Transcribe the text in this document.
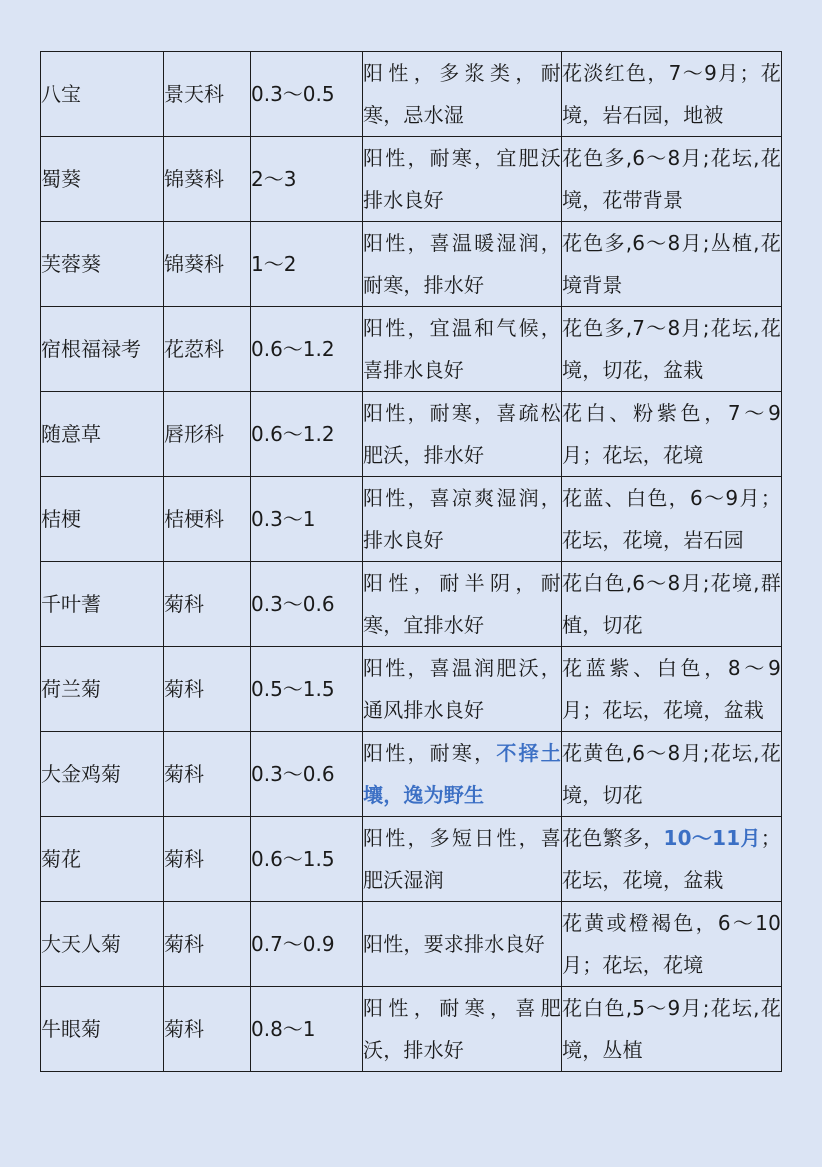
八宝	景天科	0.3～0.5	阳性，多浆类，耐寒，忌水湿	花淡红色，7～9月；花境，岩石园，地被
蜀葵	锦葵科	2～3	阳性，耐寒，宜肥沃排水良好	花色多,6～8月;花坛,花境，花带背景
芙蓉葵	锦葵科	1～2	阳性，喜温暖湿润，耐寒，排水好	花色多,6～8月;丛植,花境背景
宿根福禄考	花荵科	0.6～1.2	阳性，宜温和气候，喜排水良好	花色多,7～8月;花坛,花境，切花，盆栽
随意草	唇形科	0.6～1.2	阳性，耐寒，喜疏松肥沃，排水好	花白、粉紫色，7～9月；花坛，花境
桔梗	桔梗科	0.3～1	阳性，喜凉爽湿润，排水良好	花蓝、白色，6～9月；花坛，花境，岩石园
千叶蓍	菊科	0.3～0.6	阳性，耐半阴，耐寒，宜排水好	花白色,6～8月;花境,群植，切花
荷兰菊	菊科	0.5～1.5	阳性，喜温润肥沃，通风排水良好	花蓝紫、白色，8～9月；花坛，花境，盆栽
大金鸡菊	菊科	0.3～0.6	阳性，耐寒，不择土壤，逸为野生	花黄色,6～8月;花坛,花境，切花
菊花	菊科	0.6～1.5	阳性，多短日性，喜肥沃湿润	花色繁多，10～11月；花坛，花境，盆栽
大天人菊	菊科	0.7～0.9	阳性，要求排水良好	花黄或橙褐色，6～10月；花坛，花境
牛眼菊	菊科	0.8～1	阳性，耐寒，喜肥沃，排水好	花白色,5～9月;花坛,花境，丛植
